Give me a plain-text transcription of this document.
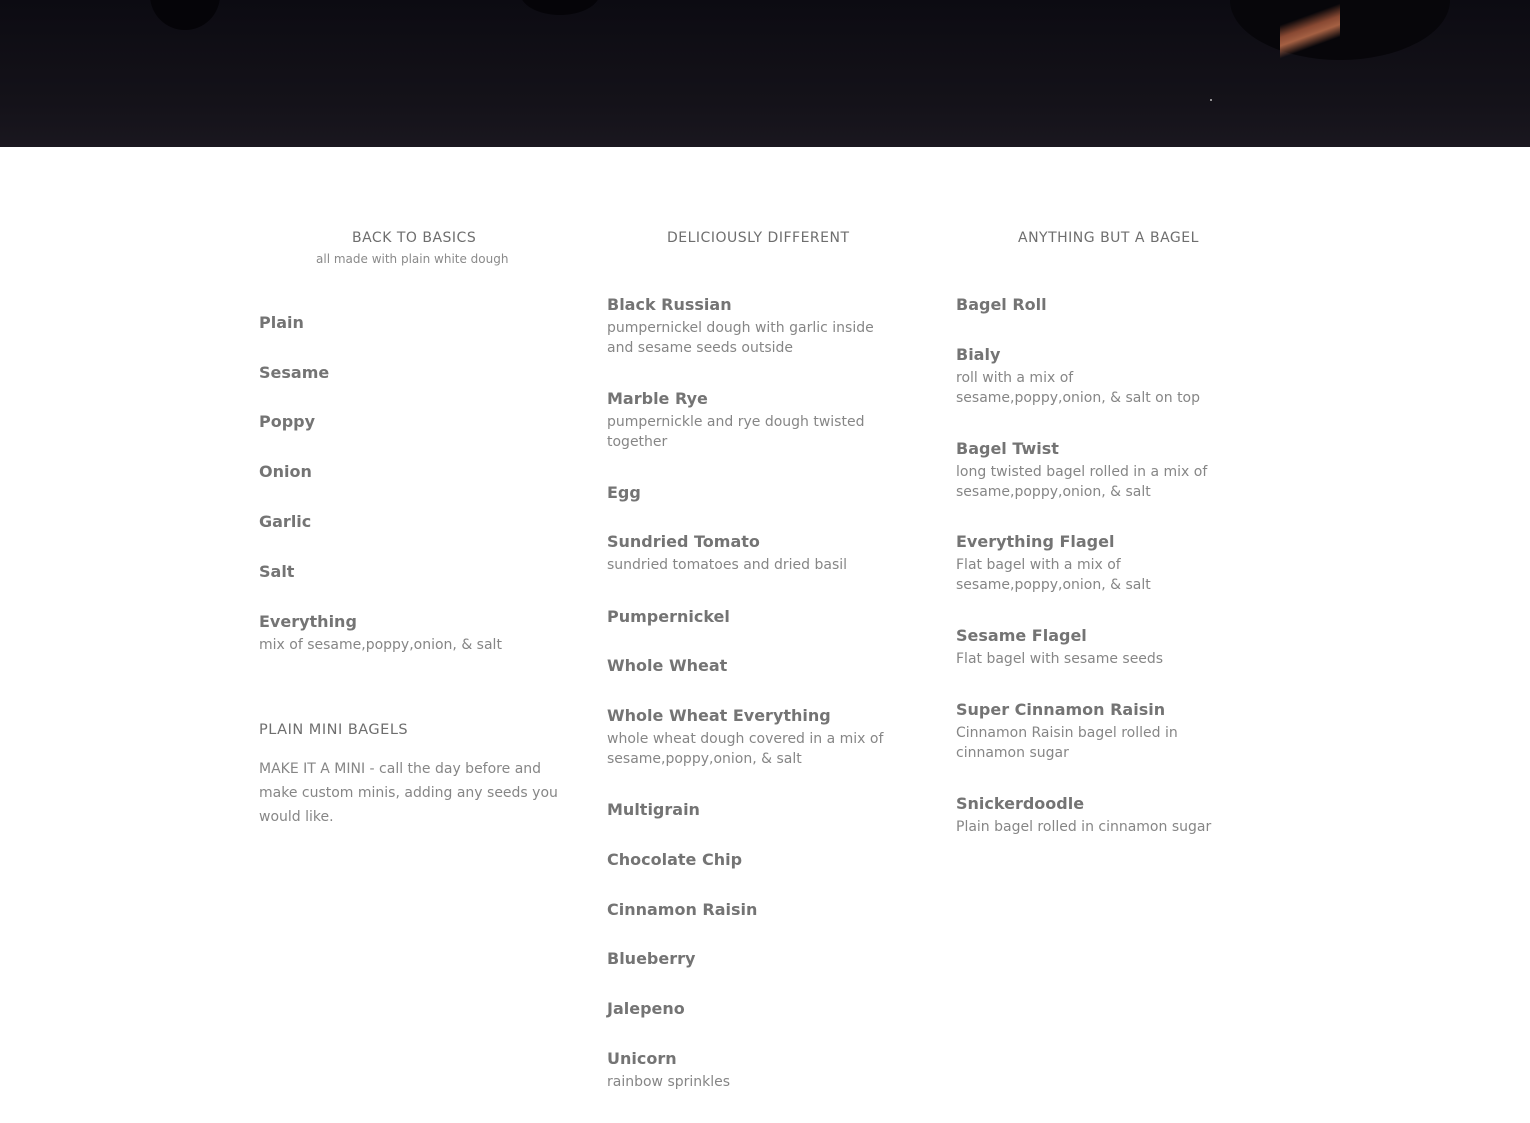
BACK TO BASICS
all made with plain white dough
Plain
Sesame
Poppy
Onion
Garlic
Salt
Everything
mix of sesame,poppy,onion, & salt
PLAIN MINI BAGELS
MAKE IT A MINI - call the day before and make custom minis, adding any seeds you would like.
DELICIOUSLY DIFFERENT
Black Russian
pumpernickel dough with garlic inside and sesame seeds outside
Marble Rye
pumpernickle and rye dough twisted together
Egg
Sundried Tomato
sundried tomatoes and dried basil
Pumpernickel
Whole Wheat
Whole Wheat Everything
whole wheat dough covered in a mix of sesame,poppy,onion, & salt
Multigrain
Chocolate Chip
Cinnamon Raisin
Blueberry
Jalepeno
Unicorn
rainbow sprinkles
ANYTHING BUT A BAGEL
Bagel Roll
Bialy
roll with a mix of sesame,poppy,onion, & salt on top
Bagel Twist
long twisted bagel rolled in a mix of sesame,poppy,onion, & salt
Everything Flagel
Flat bagel with a mix of sesame,poppy,onion, & salt
Sesame Flagel
Flat bagel with sesame seeds
Super Cinnamon Raisin
Cinnamon Raisin bagel rolled in cinnamon sugar
Snickerdoodle
Plain bagel rolled in cinnamon sugar
